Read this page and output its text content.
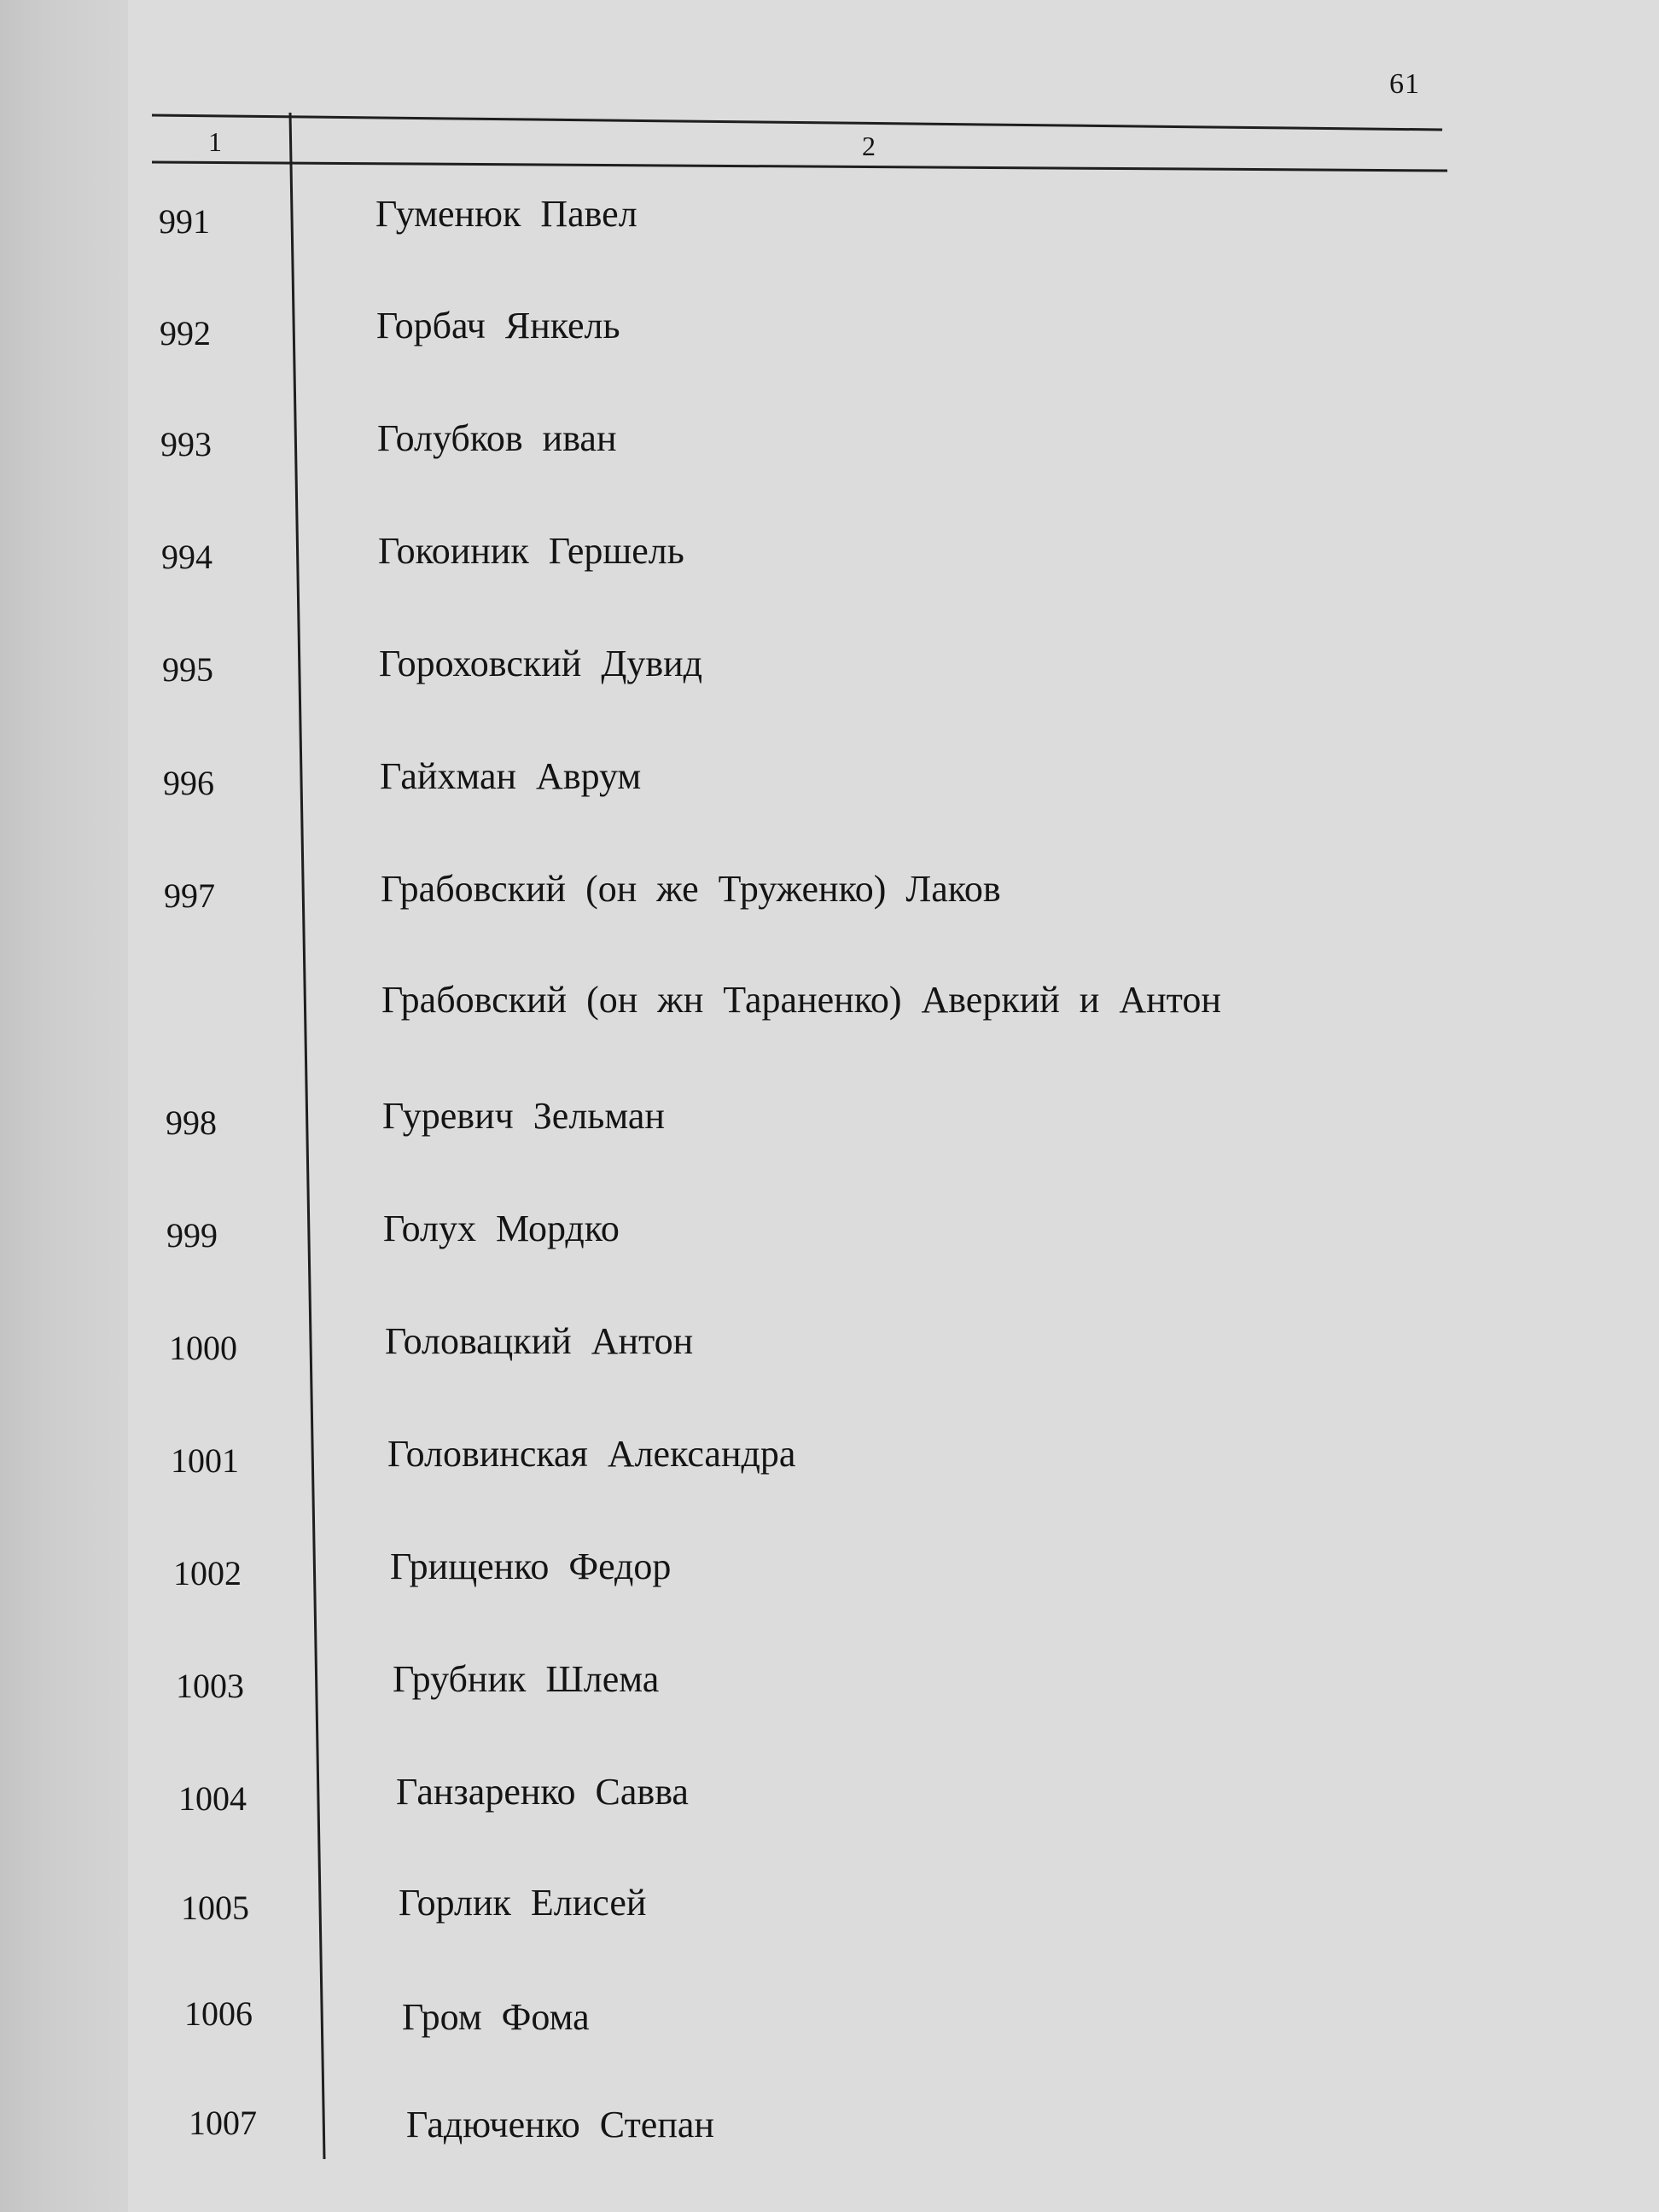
61
1	2
991	Гуменюк Павел
992	Горбач Янкель
993	Голубков иван
994	Гокоиник Гершель
995	Гороховский Дувид
996	Гайхман Аврум
997	Грабовский (он же Труженко) Лаков
Грабовский (он жн Тараненко) Аверкий и Антон
998	Гуревич Зельман
999	Голух Мордко
1000	Головацкий Антон
1001	Головинская Александра
1002	Грищенко Федор
1003	Грубник Шлема
1004	Ганзаренко Савва
1005	Горлик Елисей
1006	Гром Фома
1007	Гадюченко Степан
